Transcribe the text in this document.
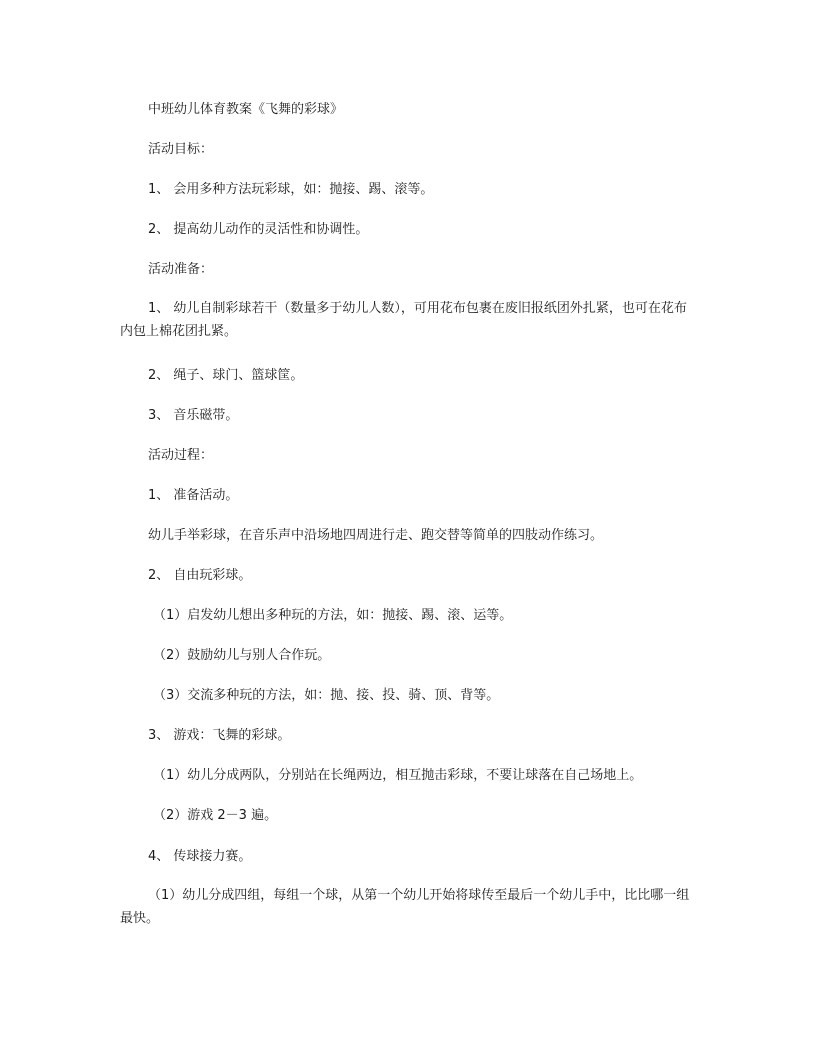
中班幼儿体育教案《飞舞的彩球》

活动目标：

1、 会用多种方法玩彩球，如：抛接、踢、滚等。

2、 提高幼儿动作的灵活性和协调性。

活动准备：

1、 幼儿自制彩球若干（数量多于幼儿人数），可用花布包裹在废旧报纸团外扎紧，也可在花布内包上棉花团扎紧。

2、 绳子、球门、篮球筐。

3、 音乐磁带。

活动过程：

1、 准备活动。

幼儿手举彩球，在音乐声中沿场地四周进行走、跑交替等简单的四肢动作练习。

2、 自由玩彩球。

（1）启发幼儿想出多种玩的方法，如：抛接、踢、滚、运等。

（2）鼓励幼儿与别人合作玩。

（3）交流多种玩的方法，如：抛、接、投、骑、顶、背等。

3、 游戏：飞舞的彩球。

（1）幼儿分成两队，分别站在长绳两边，相互抛击彩球，不要让球落在自己场地上。

（2）游戏 2－3 遍。

4、 传球接力赛。

（1）幼儿分成四组，每组一个球，从第一个幼儿开始将球传至最后一个幼儿手中，比比哪一组最快。
